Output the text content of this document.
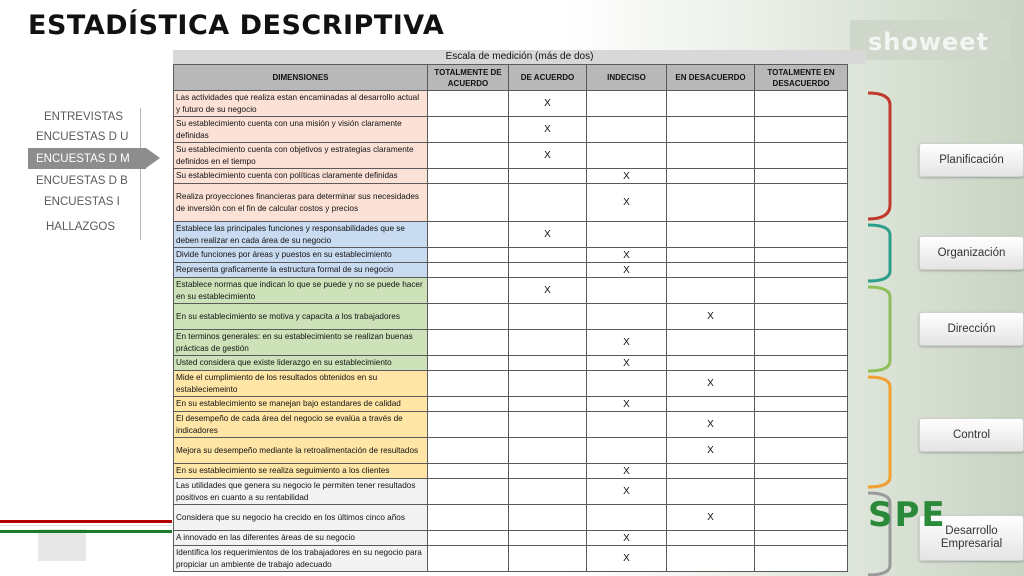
ESTADÍSTICA DESCRIPTIVA
showeet
ENTREVISTAS
ENCUESTAS D U
ENCUESTAS D M
ENCUESTAS D B
ENCUESTAS I
HALLAZGOS
Escala de medición (más de dos)
DIMENSIONES	TOTALMENTE DE ACUERDO	DE ACUERDO	INDECISO	EN DESACUERDO	TOTALMENTE EN DESACUERDO
Las actividades que realiza estan encaminadas al desarrollo actual y futuro de su negocio		X			
Su establecimiento cuenta con una misión y visión claramente definidas		X			
Su establecimiento cuenta con objetivos y estrategias claramente definidos en el tiempo		X			
Su establecimiento cuenta con políticas claramente definidas			X		
Realiza proyecciones financieras para determinar sus necesidades de inversión con el fin de calcular costos y precios			X		
Establece las principales funciones y responsabilidades que se deben realizar en cada área de su negocio		X			
Divide funciones por áreas y puestos en su establecimiento			X		
Representa graficamente la estructura formal de su negocio			X		
Establece normas que indican lo que se puede y no se puede hacer en su establecimiento		X			
En su establecimiento se motiva y capacita a los trabajadores				X	
En terminos generales: en su establecimiento se realizan buenas prácticas de gestión			X		
Usted considera que existe liderazgo en su establecimiento			X		
Mide el cumplimiento de los resultados obtenidos en su estableciemeinto				X	
En su establecimiento se manejan bajo estandares de calidad			X		
El desempeño de cada área del negocio se evalúa a través de indicadores				X	
Mejora su desempeño mediante la retroalimentación de resultados				X	
En su establecimiento se realiza seguimiento a los clientes			X		
Las utilidades que genera su negocio le permiten tener resultados positivos en cuanto a su rentabilidad			X		
Considera que su negocio ha crecido en los últimos cinco años				X	
A innovado en las diferentes áreas de su negocio			X		
Identifica los requerimientos de los trabajadores en su negocio para propiciar un ambiente de trabajo adecuado			X		
Planificación
Organización
Dirección
Control
Desarrollo Empresarial
SPE
